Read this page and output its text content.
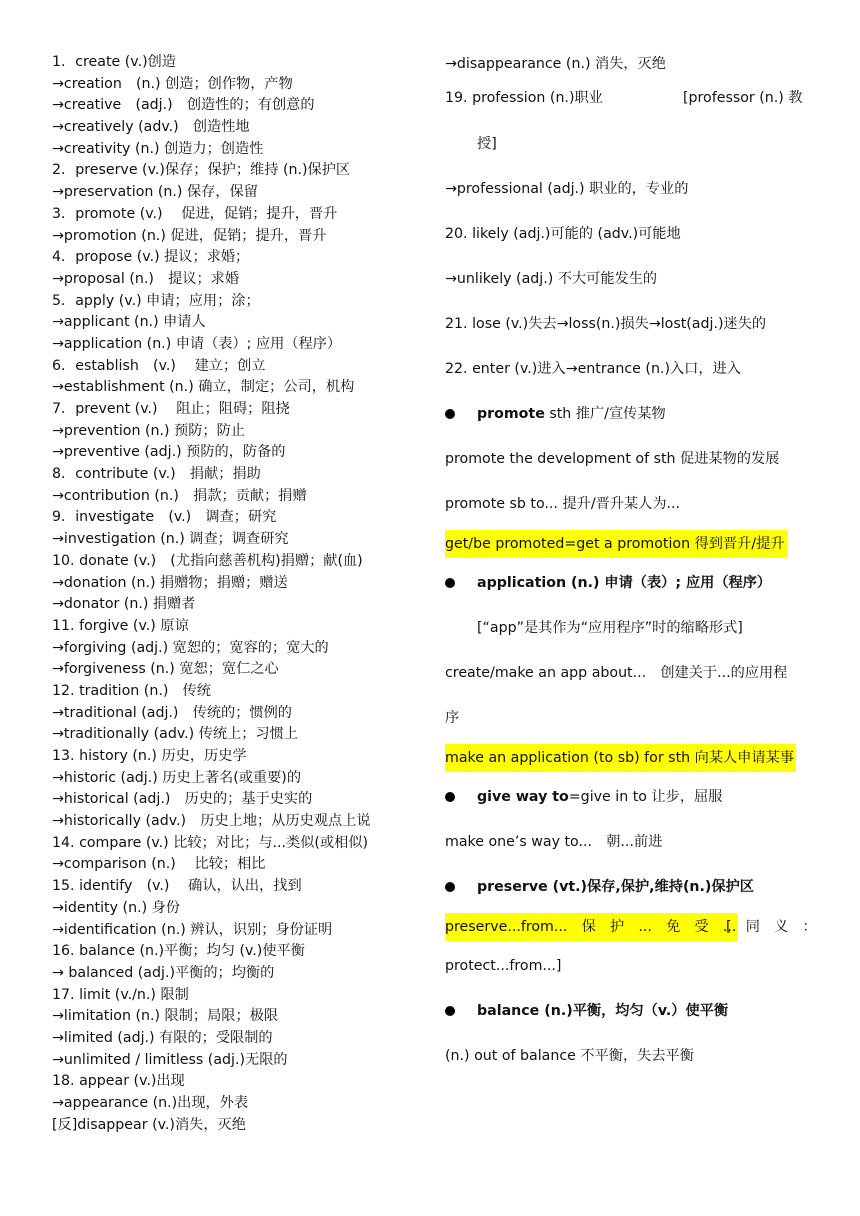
1．create (v.)创造
→creation　(n.) 创造；创作物，产物
→creative　(adj.)　创造性的；有创意的
→creatively (adv.)　创造性地
→creativity (n.) 创造力；创造性
2．preserve (v.)保存；保护；维持 (n.)保护区
→preservation (n.) 保存，保留
3．promote (v.)　 促进，促销；提升，晋升
→promotion (n.) 促进，促销；提升，晋升
4．propose (v.) 提议；求婚；
→proposal (n.)　提议；求婚
5．apply (v.) 申请；应用；涂；
→applicant (n.) 申请人
→application (n.) 申请（表）; 应用（程序）
6．establish　(v.)　 建立；创立
→establishment (n.) 确立，制定；公司，机构
7．prevent (v.)　 阻止；阻碍；阻挠
→prevention (n.) 预防；防止
→preventive (adj.) 预防的，防备的
8．contribute (v.)　捐献；捐助
→contribution (n.)　捐款；贡献；捐赠
9．investigate　(v.)　调查；研究
→investigation (n.) 调查；调查研究
10. donate (v.)　(尤指向慈善机构)捐赠；献(血)
→donation (n.) 捐赠物；捐赠；赠送
→donator (n.) 捐赠者
11. forgive (v.) 原谅
→forgiving (adj.) 宽恕的；宽容的；宽大的
→forgiveness (n.) 宽恕；宽仁之心
12. tradition (n.)　传统
→traditional (adj.)　传统的；惯例的
→traditionally (adv.) 传统上；习惯上
13. history (n.) 历史，历史学
→historic (adj.) 历史上著名(或重要)的
→historical (adj.)　历史的；基于史实的
→historically (adv.)　历史上地；从历史观点上说
14. compare (v.) 比较；对比；与...类似(或相似)
→comparison (n.)　 比较；相比
15. identify　(v.)　 确认，认出，找到
→identity (n.) 身份
→identification (n.) 辨认，识别；身份证明
16. balance (n.)平衡；均匀 (v.)使平衡
→ balanced (adj.)平衡的；均衡的
17. limit (v./n.) 限制
→limitation (n.) 限制；局限；极限
→limited (adj.) 有限的；受限制的
→unlimited / limitless (adj.)无限的
18. appear (v.)出现
→appearance (n.)出现，外表
[反]disappear (v.)消失，灭绝
→disappearance (n.) 消失，灭绝
19. profession (n.)职业	[professor (n.) 教
授]
→professional (adj.) 职业的，专业的
20. likely (adj.)可能的 (adv.)可能地
→unlikely (adj.) 不大可能发生的
21. lose (v.)失去→loss(n.)损失→lost(adj.)迷失的
22. enter (v.)进入→entrance (n.)入口，进入
promote sth 推广/宣传某物
promote the development of sth 促进某物的发展
promote sb to... 提升/晋升某人为...
get/be promoted=get a promotion 得到晋升/提升
application (n.) 申请（表）; 应用（程序）
[“app”是其作为“应用程序”时的缩略形式]
create/make an app about...　创建关于...的应用程
序
make an application (to sb) for sth 向某人申请某事
give way to=give in to 让步，屈服
make one’s way to...　朝...前进
preserve (vt.)保存,保护,维持(n.)保护区
preserve...from...　保　护　...　免　受　...
[　同　义　：
protect...from...]
balance (n.)平衡，均匀（v.）使平衡
(n.) out of balance 不平衡，失去平衡
